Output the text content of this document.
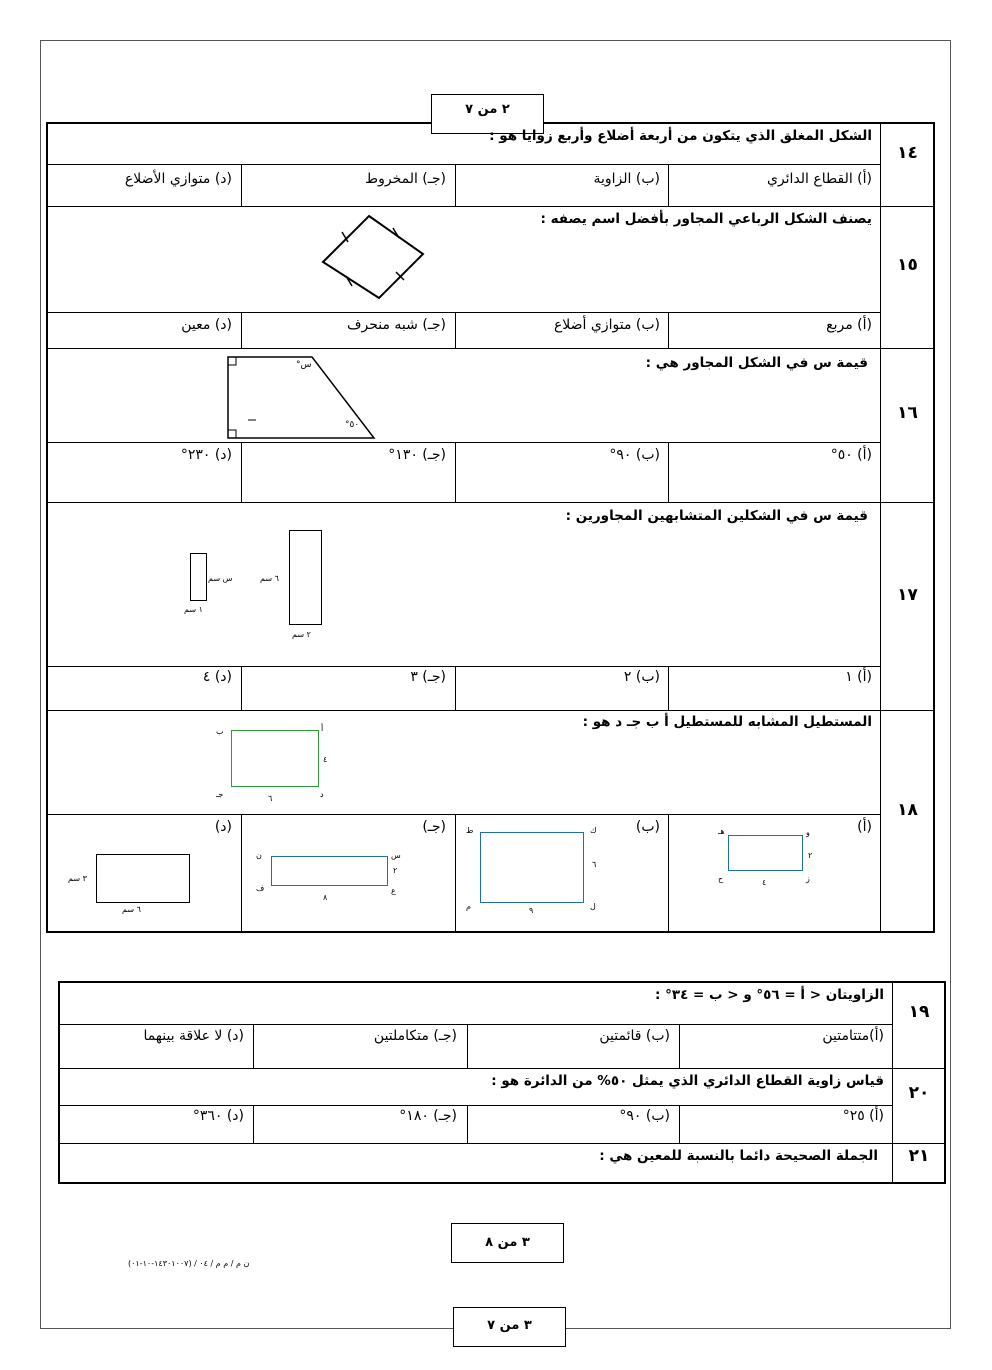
٢ من ٧
١٤
الشكل المغلق الذي يتكون من أربعة أضلاع وأربع زوايا هو :
(أ) القطاع الدائري
(ب) الزاوية
(جـ) المخروط
(د) متوازي الأضلاع
١٥
يصنف الشكل الرباعي المجاور بأفضل اسم يصفه :
(أ) مربع
(ب) متوازي أضلاع
(جـ) شبه منحرف
(د) معين
١٦
قيمة س في الشكل المجاور هي :
س°
٥٠°
(أ) ٥٠°
(ب) ٩٠°
(جـ) ١٣٠°
(د) ٢٣٠°
١٧
قيمة س في الشكلين المتشابهين المجاورين :
س سم
١ سم
٦ سم
٢ سم
(أ) ١
(ب) ٢
(جـ) ٣
(د) ٤
١٨
المستطيل المشابه للمستطيل أ ب جـ د هو :
أ
ب
جـ	د
٤
٦
(أ)
(ب)
(جـ)
(د)	و
هـ
ح	ز
٢
٤
ك
ط
م	ل
٦
٩
س
ن
ف	ع
٢
٨
٣ سم
٦ سم
١٩
الزاويتان < أ = ٥٦° و < ب = ٣٤° :
(أ)متتامتين
(ب) قائمتين
(جـ) متكاملتين
(د) لا علاقة بينهما
٢٠
قياس زاوية القطاع الدائري الذي يمثل ٥٠% من الدائرة هو :
(أ) ٢٥°
(ب) ٩٠°
(جـ) ١٨٠°
(د) ٣٦٠°
٢١
الجملة الصحيحة دائما بالنسبة للمعين هي :
٣ من ٨
ن م / م م / ٠٤ / (١٤٣٠١٠٠٧-١٠-٠١)
٣ من ٧
